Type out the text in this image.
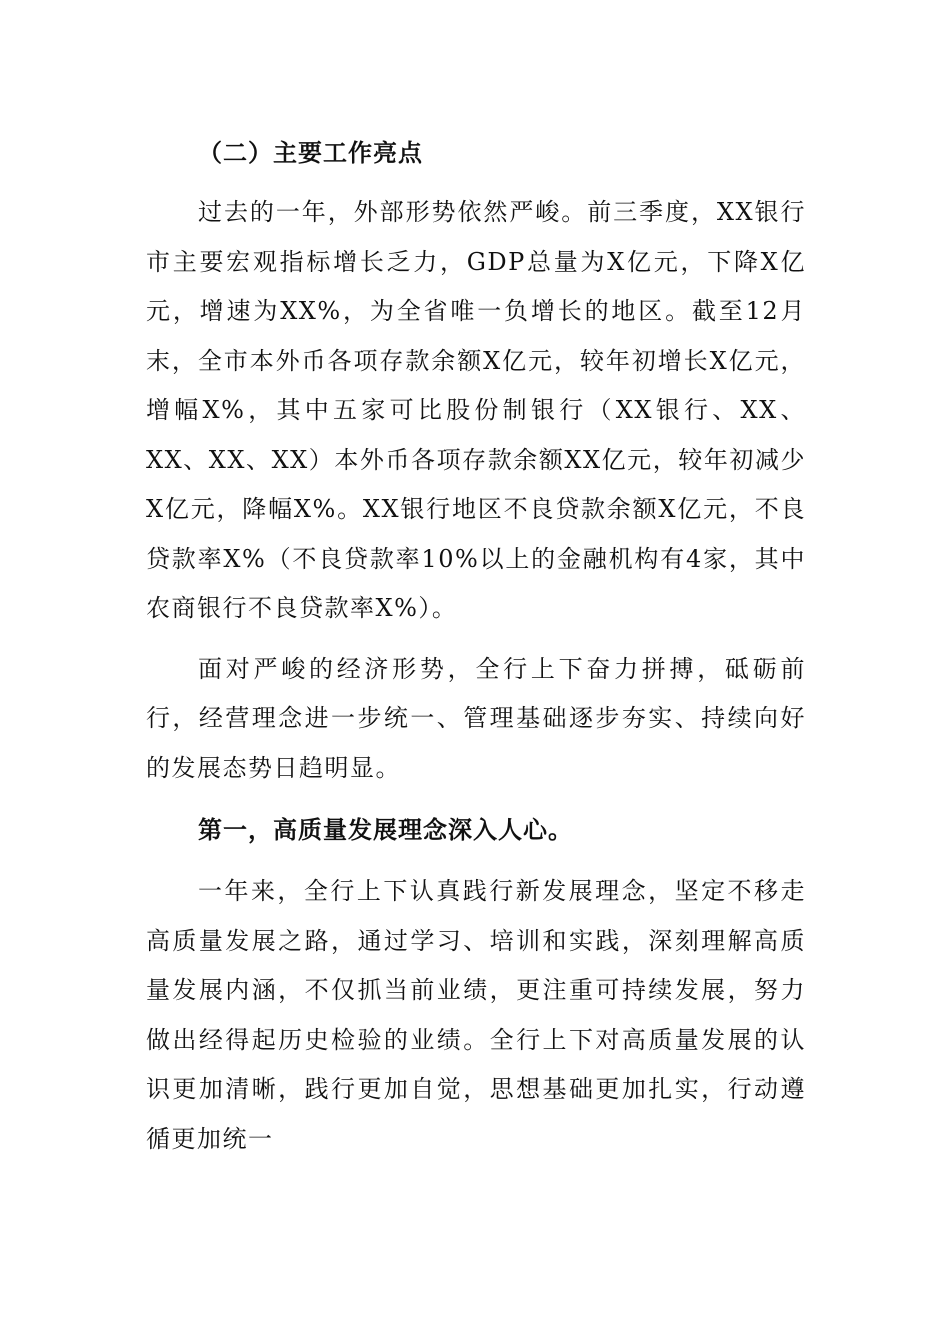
（二）主要工作亮点

过去的一年，外部形势依然严峻。前三季度，XX银行市主要宏观指标增长乏力，GDP总量为X亿元，下降X亿元，增速为XX%，为全省唯一负增长的地区。截至12月末，全市本外币各项存款余额X亿元，较年初增长X亿元，增幅X%，其中五家可比股份制银行（XX银行、XX、XX、XX、XX）本外币各项存款余额XX亿元，较年初减少X亿元，降幅X%。XX银行地区不良贷款余额X亿元，不良贷款率X%（不良贷款率10%以上的金融机构有4家，其中农商银行不良贷款率X%）。

面对严峻的经济形势，全行上下奋力拼搏，砥砺前行，经营理念进一步统一、管理基础逐步夯实、持续向好的发展态势日趋明显。

第一，高质量发展理念深入人心。

一年来，全行上下认真践行新发展理念，坚定不移走高质量发展之路，通过学习、培训和实践，深刻理解高质量发展内涵，不仅抓当前业绩，更注重可持续发展，努力做出经得起历史检验的业绩。全行上下对高质量发展的认识更加清晰，践行更加自觉，思想基础更加扎实，行动遵循更加统一
